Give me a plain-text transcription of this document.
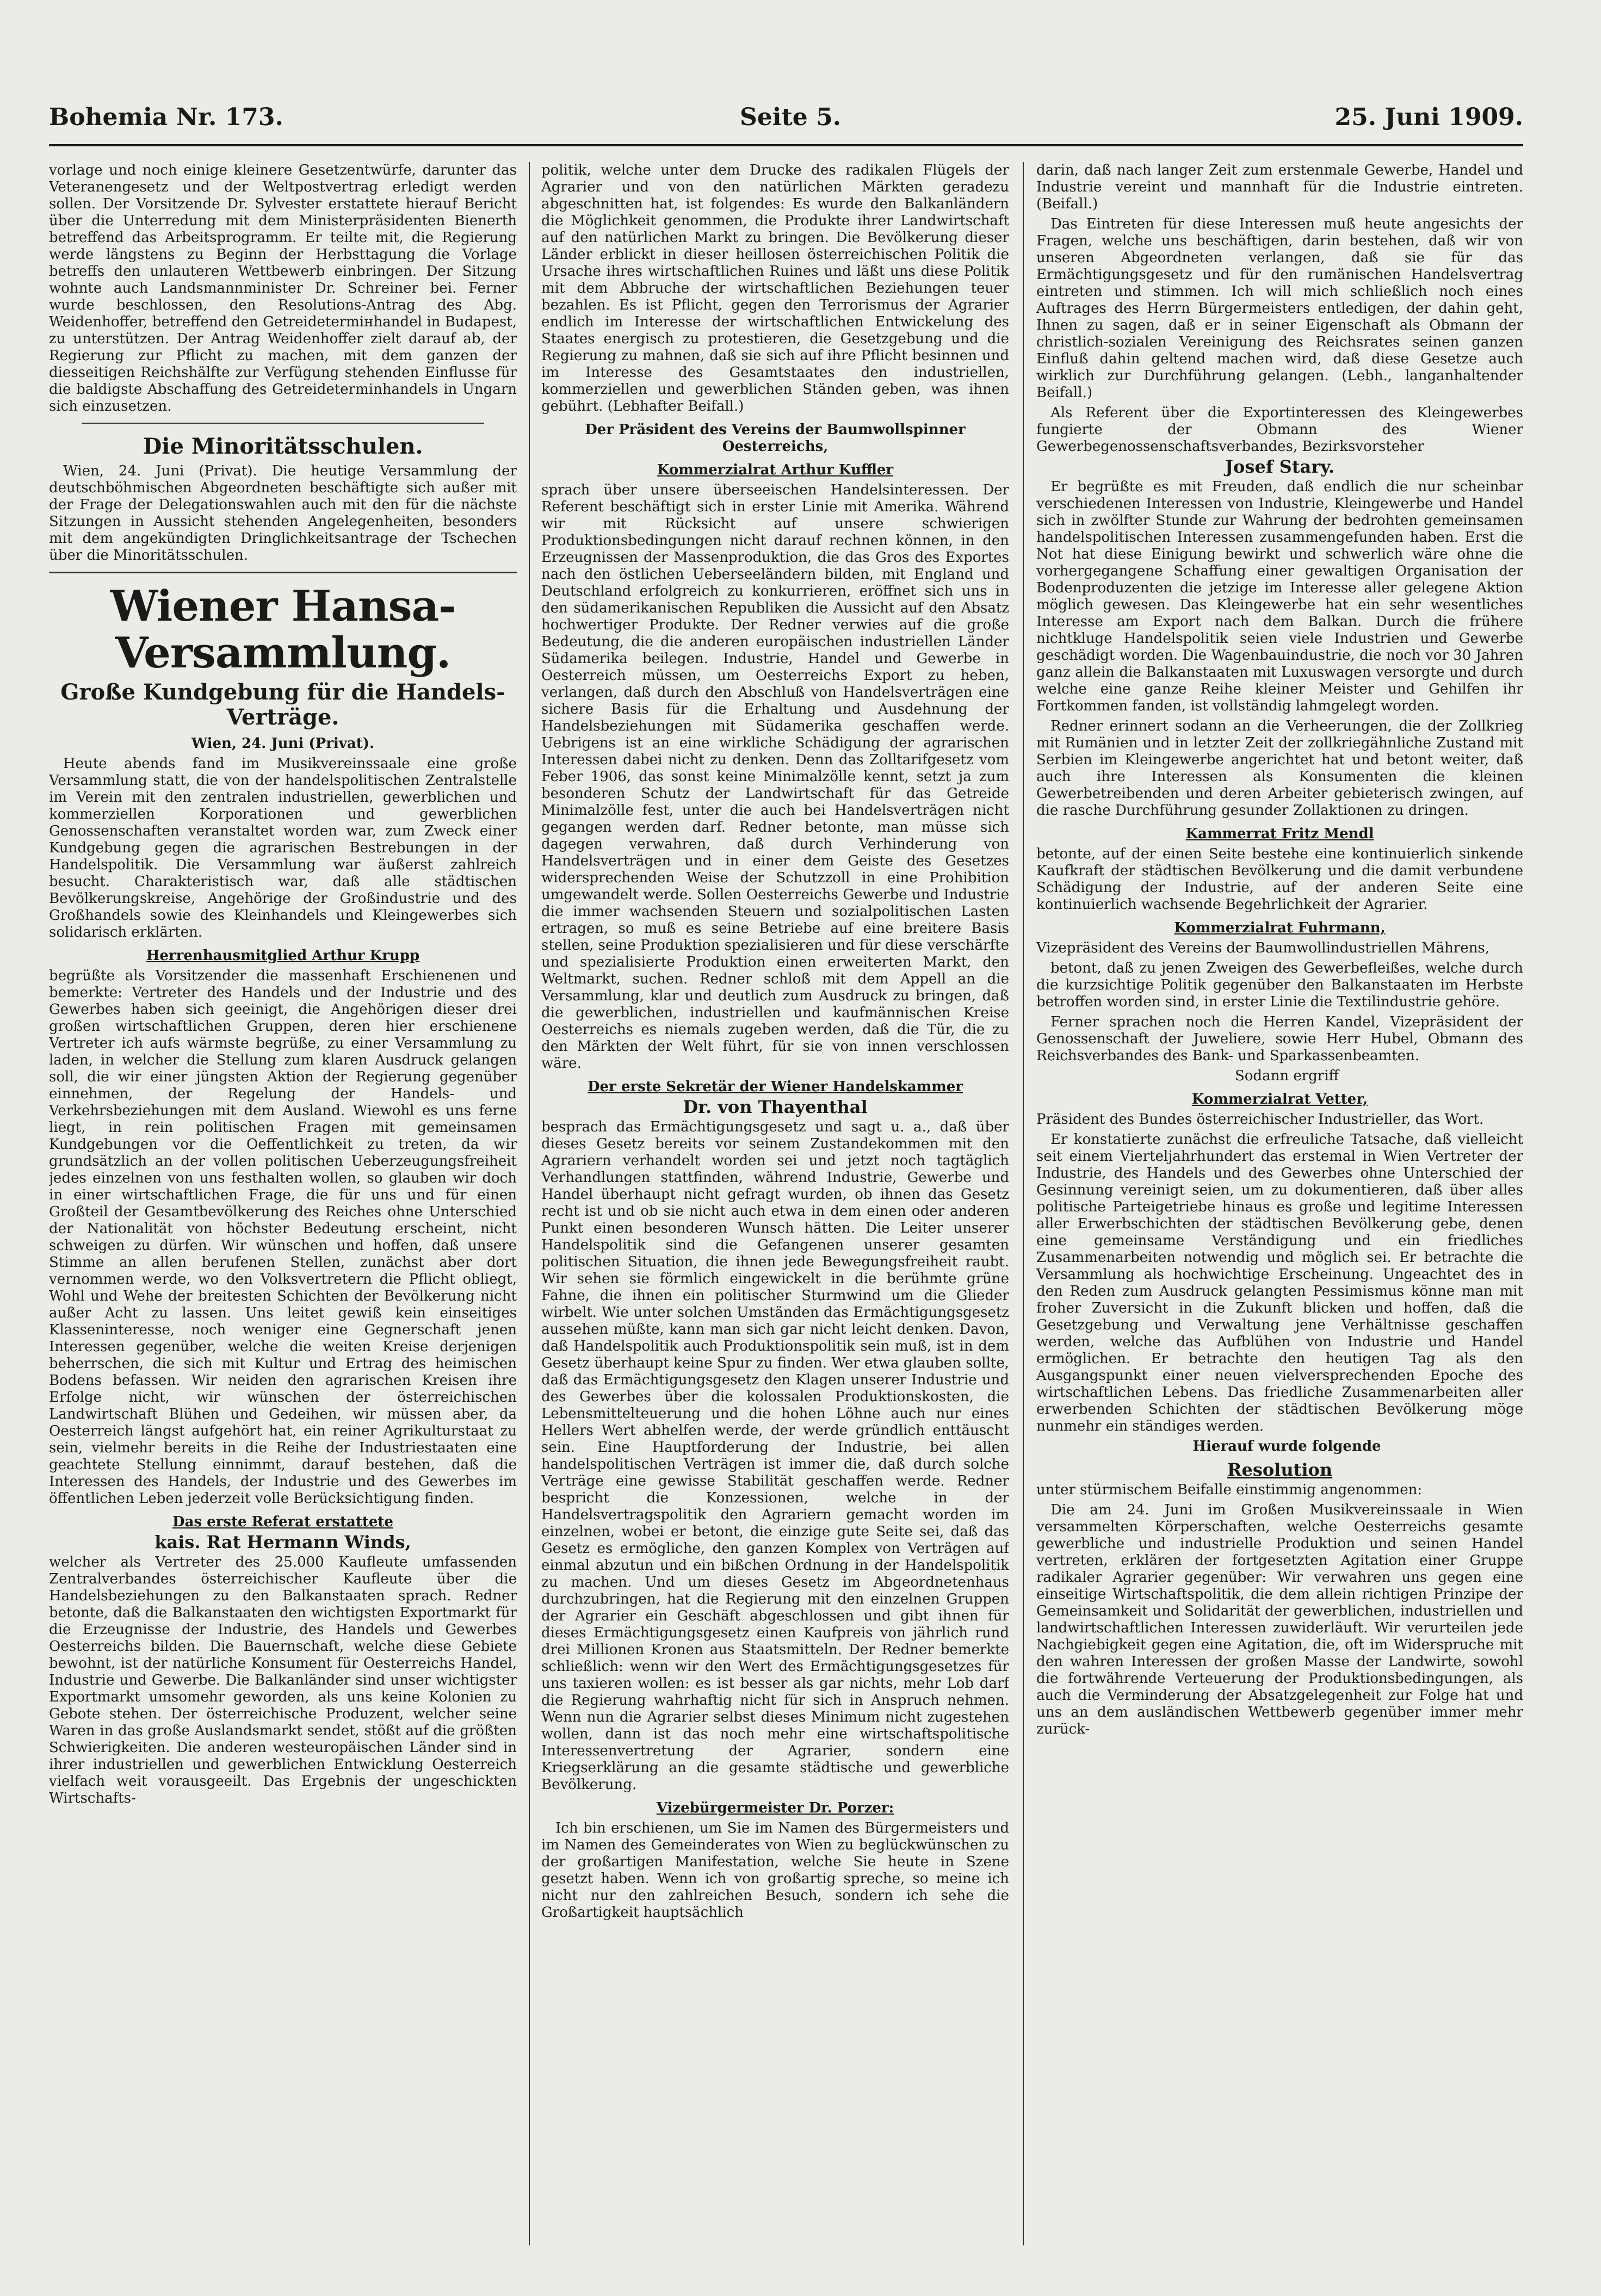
Bohemia Nr. 173.	Seite 5.	25. Juni 1909.

vorlage und noch einige kleinere Gesetzentwürfe, darunter das Veteranengesetz und der Weltpostvertrag erledigt werden sollen. Der Vorsitzende Dr. Sylvester erstattete hierauf Bericht über die Unterredung mit dem Ministerpräsidenten Bienerth betreffend das Arbeitsprogramm. Er teilte mit, die Regierung werde längstens zu Beginn der Herbsttagung die Vorlage betreffs den unlauteren Wettbewerb einbringen. Der Sitzung wohnte auch Landsmannminister Dr. Schreiner bei. Ferner wurde beschlossen, den Resolutions-Antrag des Abg. Weidenhoffer, betreffend den Getreidetermінhandel in Budapest, zu unterstützen. Der Antrag Weidenhoffer zielt darauf ab, der Regierung zur Pflicht zu machen, mit dem ganzen der diesseitigen Reichshälfte zur Verfügung stehenden Einflusse für die baldigste Abschaffung des Getreideterminhandels in Ungarn sich einzusetzen.

Die Minoritätsschulen.

Wien, 24. Juni (Privat). Die heutige Versammlung der deutschböhmischen Abgeordneten beschäftigte sich außer mit der Frage der Delegationswahlen auch mit den für die nächste Sitzungen in Aussicht stehenden Angelegenheiten, besonders mit dem angekündigten Dringlichkeitsantrage der Tschechen über die Minoritätsschulen.

Wiener Hansa-Versammlung.
Große Kundgebung für die Handels-Verträge.
Wien, 24. Juni (Privat).

Heute abends fand im Musikvereinssaale eine große Versammlung statt, die von der handelspolitischen Zentralstelle im Verein mit den zentralen industriellen, gewerblichen und kommerziellen Korporationen und gewerblichen Genossenschaften veranstaltet worden war, zum Zweck einer Kundgebung gegen die agrarischen Bestrebungen in der Handelspolitik. Die Versammlung war äußerst zahlreich besucht. Charakteristisch war, daß alle städtischen Bevölkerungskreise, Angehörige der Großindustrie und des Großhandels sowie des Kleinhandels und Kleingewerbes sich solidarisch erklärten.

Herrenhausmitglied Arthur Krupp

begrüßte als Vorsitzender die massenhaft Erschienenen und bemerkte: Vertreter des Handels und der Industrie und des Gewerbes haben sich geeinigt, die Angehörigen dieser drei großen wirtschaftlichen Gruppen, deren hier erschienene Vertreter ich aufs wärmste begrüße, zu einer Versammlung zu laden, in welcher die Stellung zum klaren Ausdruck gelangen soll, die wir einer jüngsten Aktion der Regierung gegenüber einnehmen, der Regelung der Handels- und Verkehrsbeziehungen mit dem Ausland. Wiewohl es uns ferne liegt, in rein politischen Fragen mit gemeinsamen Kundgebungen vor die Oeffentlichkeit zu treten, da wir grundsätzlich an der vollen politischen Ueberzeugungsfreiheit jedes einzelnen von uns festhalten wollen, so glauben wir doch in einer wirtschaftlichen Frage, die für uns und für einen Großteil der Gesamtbevölkerung des Reiches ohne Unterschied der Nationalität von höchster Bedeutung erscheint, nicht schweigen zu dürfen. Wir wünschen und hoffen, daß unsere Stimme an allen berufenen Stellen, zunächst aber dort vernommen werde, wo den Volksvertretern die Pflicht obliegt, Wohl und Wehe der breitesten Schichten der Bevölkerung nicht außer Acht zu lassen. Uns leitet gewiß kein einseitiges Klasseninteresse, noch weniger eine Gegnerschaft jenen Interessen gegenüber, welche die weiten Kreise derjenigen beherrschen, die sich mit Kultur und Ertrag des heimischen Bodens befassen. Wir neiden den agrarischen Kreisen ihre Erfolge nicht, wir wünschen der österreichischen Landwirtschaft Blühen und Gedeihen, wir müssen aber, da Oesterreich längst aufgehört hat, ein reiner Agrikulturstaat zu sein, vielmehr bereits in die Reihe der Industriestaaten eine geachtete Stellung einnimmt, darauf bestehen, daß die Interessen des Handels, der Industrie und des Gewerbes im öffentlichen Leben jederzeit volle Berücksichtigung finden.

Das erste Referat erstattete
kais. Rat Hermann Winds,

welcher als Vertreter des 25.000 Kaufleute umfassenden Zentralverbandes österreichischer Kaufleute über die Handelsbeziehungen zu den Balkanstaaten sprach. Redner betonte, daß die Balkanstaaten den wichtigsten Exportmarkt für die Erzeugnisse der Industrie, des Handels und Gewerbes Oesterreichs bilden. Die Bauernschaft, welche diese Gebiete bewohnt, ist der natürliche Konsument für Oesterreichs Handel, Industrie und Gewerbe. Die Balkanländer sind unser wichtigster Exportmarkt umsomehr geworden, als uns keine Kolonien zu Gebote stehen. Der österreichische Produzent, welcher seine Waren in das große Auslandsmarkt sendet, stößt auf die größten Schwierigkeiten. Die anderen westeuropäischen Länder sind in ihrer industriellen und gewerblichen Entwicklung Oesterreich vielfach weit vorausgeeilt. Das Ergebnis der ungeschickten Wirtschafts-

politik, welche unter dem Drucke des radikalen Flügels der Agrarier und von den natürlichen Märkten geradezu abgeschnitten hat, ist folgendes: Es wurde den Balkanländern die Möglichkeit genommen, die Produkte ihrer Landwirtschaft auf den natürlichen Markt zu bringen. Die Bevölkerung dieser Länder erblickt in dieser heillosen österreichischen Politik die Ursache ihres wirtschaftlichen Ruines und läßt uns diese Politik mit dem Abbruche der wirtschaftlichen Beziehungen teuer bezahlen. Es ist Pflicht, gegen den Terrorismus der Agrarier endlich im Interesse der wirtschaftlichen Entwickelung des Staates energisch zu protestieren, die Gesetzgebung und die Regierung zu mahnen, daß sie sich auf ihre Pflicht besinnen und im Interesse des Gesamtstaates den industriellen, kommerziellen und gewerblichen Ständen geben, was ihnen gebührt. (Lebhafter Beifall.)

Der Präsident des Vereins der Baumwollspinner Oesterreichs,
Kommerzialrat Arthur Kuffler

sprach über unsere überseeischen Handelsinteressen. Der Referent beschäftigt sich in erster Linie mit Amerika. Während wir mit Rücksicht auf unsere schwierigen Produktionsbedingungen nicht darauf rechnen können, in den Erzeugnissen der Massenproduktion, die das Gros des Exportes nach den östlichen Ueberseeländern bilden, mit England und Deutschland erfolgreich zu konkurrieren, eröffnet sich uns in den südamerikanischen Republiken die Aussicht auf den Absatz hochwertiger Produkte. Der Redner verwies auf die große Bedeutung, die die anderen europäischen industriellen Länder Südamerika beilegen. Industrie, Handel und Gewerbe in Oesterreich müssen, um Oesterreichs Export zu heben, verlangen, daß durch den Abschluß von Handelsverträgen eine sichere Basis für die Erhaltung und Ausdehnung der Handelsbeziehungen mit Südamerika geschaffen werde. Uebrigens ist an eine wirkliche Schädigung der agrarischen Interessen dabei nicht zu denken. Denn das Zolltarifgesetz vom Feber 1906, das sonst keine Minimalzölle kennt, setzt ja zum besonderen Schutz der Landwirtschaft für das Getreide Minimalzölle fest, unter die auch bei Handelsverträgen nicht gegangen werden darf. Redner betonte, man müsse sich dagegen verwahren, daß durch Verhinderung von Handelsverträgen und in einer dem Geiste des Gesetzes widersprechenden Weise der Schutzzoll in eine Prohibition umgewandelt werde. Sollen Oesterreichs Gewerbe und Industrie die immer wachsenden Steuern und sozialpolitischen Lasten ertragen, so muß es seine Betriebe auf eine breitere Basis stellen, seine Produktion spezialisieren und für diese verschärfte und spezialisierte Produktion einen erweiterten Markt, den Weltmarkt, suchen. Redner schloß mit dem Appell an die Versammlung, klar und deutlich zum Ausdruck zu bringen, daß die gewerblichen, industriellen und kaufmännischen Kreise Oesterreichs es niemals zugeben werden, daß die Tür, die zu den Märkten der Welt führt, für sie von innen verschlossen wäre.

Der erste Sekretär der Wiener Handelskammer
Dr. von Thayenthal

besprach das Ermächtigungsgesetz und sagt u. a., daß über dieses Gesetz bereits vor seinem Zustandekommen mit den Agrariern verhandelt worden sei und jetzt noch tagtäglich Verhandlungen stattfinden, während Industrie, Gewerbe und Handel überhaupt nicht gefragt wurden, ob ihnen das Gesetz recht ist und ob sie nicht auch etwa in dem einen oder anderen Punkt einen besonderen Wunsch hätten. Die Leiter unserer Handelspolitik sind die Gefangenen unserer gesamten politischen Situation, die ihnen jede Bewegungsfreiheit raubt. Wir sehen sie förmlich eingewickelt in die berühmte grüne Fahne, die ihnen ein politischer Sturmwind um die Glieder wirbelt. Wie unter solchen Umständen das Ermächtigungsgesetz aussehen müßte, kann man sich gar nicht leicht denken. Davon, daß Handelspolitik auch Produktionspolitik sein muß, ist in dem Gesetz überhaupt keine Spur zu finden. Wer etwa glauben sollte, daß das Ermächtigungsgesetz den Klagen unserer Industrie und des Gewerbes über die kolossalen Produktionskosten, die Lebensmittelteuerung und die hohen Löhne auch nur eines Hellers Wert abhelfen werde, der werde gründlich enttäuscht sein. Eine Hauptforderung der Industrie, bei allen handelspolitischen Verträgen ist immer die, daß durch solche Verträge eine gewisse Stabilität geschaffen werde. Redner bespricht die Konzessionen, welche in der Handelsvertragspolitik den Agrariern gemacht worden im einzelnen, wobei er betont, die einzige gute Seite sei, daß das Gesetz es ermögliche, den ganzen Komplex von Verträgen auf einmal abzutun und ein bißchen Ordnung in der Handelspolitik zu machen. Und um dieses Gesetz im Abgeordnetenhaus durchzubringen, hat die Regierung mit den einzelnen Gruppen der Agrarier ein Geschäft abgeschlossen und gibt ihnen für dieses Ermächtigungsgesetz einen Kaufpreis von jährlich rund drei Millionen Kronen aus Staatsmitteln. Der Redner bemerkte schließlich: wenn wir den Wert des Ermächtigungsgesetzes für uns taxieren wollen: es ist besser als gar nichts, mehr Lob darf die Regierung wahrhaftig nicht für sich in Anspruch nehmen. Wenn nun die Agrarier selbst dieses Minimum nicht zugestehen wollen, dann ist das noch mehr eine wirtschaftspolitische Interessenvertretung der Agrarier, sondern eine Kriegserklärung an die gesamte städtische und gewerbliche Bevölkerung.

Vizebürgermeister Dr. Porzer:

Ich bin erschienen, um Sie im Namen des Bürgermeisters und im Namen des Gemeinderates von Wien zu beglückwünschen zu der großartigen Manifestation, welche Sie heute in Szene gesetzt haben. Wenn ich von großartig spreche, so meine ich nicht nur den zahlreichen Besuch, sondern ich sehe die Großartigkeit hauptsächlich

darin, daß nach langer Zeit zum erstenmale Gewerbe, Handel und Industrie vereint und mannhaft für die Industrie eintreten. (Beifall.)

Das Eintreten für diese Interessen muß heute angesichts der Fragen, welche uns beschäftigen, darin bestehen, daß wir von unseren Abgeordneten verlangen, daß sie für das Ermächtigungsgesetz und für den rumänischen Handelsvertrag eintreten und stimmen. Ich will mich schließlich noch eines Auftrages des Herrn Bürgermeisters entledigen, der dahin geht, Ihnen zu sagen, daß er in seiner Eigenschaft als Obmann der christlich-sozialen Vereinigung des Reichsrates seinen ganzen Einfluß dahin geltend machen wird, daß diese Gesetze auch wirklich zur Durchführung gelangen. (Lebh., langanhaltender Beifall.)

Als Referent über die Exportinteressen des Kleingewerbes fungierte der Obmann des Wiener Gewerbegenossenschaftsverbandes, Bezirksvorsteher

Josef Stary.

Er begrüßte es mit Freuden, daß endlich die nur scheinbar verschiedenen Interessen von Industrie, Kleingewerbe und Handel sich in zwölfter Stunde zur Wahrung der bedrohten gemeinsamen handelspolitischen Interessen zusammengefunden haben. Erst die Not hat diese Einigung bewirkt und schwerlich wäre ohne die vorhergegangene Schaffung einer gewaltigen Organisation der Bodenproduzenten die jetzige im Interesse aller gelegene Aktion möglich gewesen. Das Kleingewerbe hat ein sehr wesentliches Interesse am Export nach dem Balkan. Durch die frühere nichtkluge Handelspolitik seien viele Industrien und Gewerbe geschädigt worden. Die Wagenbauindustrie, die noch vor 30 Jahren ganz allein die Balkanstaaten mit Luxuswagen versorgte und durch welche eine ganze Reihe kleiner Meister und Gehilfen ihr Fortkommen fanden, ist vollständig lahmgelegt worden.

Redner erinnert sodann an die Verheerungen, die der Zollkrieg mit Rumänien und in letzter Zeit der zollkriegähnliche Zustand mit Serbien im Kleingewerbe angerichtet hat und betont weiter, daß auch ihre Interessen als Konsumenten die kleinen Gewerbetreibenden und deren Arbeiter gebieterisch zwingen, auf die rasche Durchführung gesunder Zollaktionen zu dringen.

Kammerrat Fritz Mendl

betonte, auf der einen Seite bestehe eine kontinuierlich sinkende Kaufkraft der städtischen Bevölkerung und die damit verbundene Schädigung der Industrie, auf der anderen Seite eine kontinuierlich wachsende Begehrlichkeit der Agrarier.

Kommerzialrat Fuhrmann,

Vizepräsident des Vereins der Baumwollindustriellen Mährens,

betont, daß zu jenen Zweigen des Gewerbefleißes, welche durch die kurzsichtige Politik gegenüber den Balkanstaaten im Herbste betroffen worden sind, in erster Linie die Textilindustrie gehöre.

Ferner sprachen noch die Herren Kandel, Vizepräsident der Genossenschaft der Juweliere, sowie Herr Hubel, Obmann des Reichsverbandes des Bank- und Sparkassenbeamten.

Sodann ergriff

Kommerzialrat Vetter,

Präsident des Bundes österreichischer Industrieller, das Wort.

Er konstatierte zunächst die erfreuliche Tatsache, daß vielleicht seit einem Vierteljahrhundert das erstemal in Wien Vertreter der Industrie, des Handels und des Gewerbes ohne Unterschied der Gesinnung vereinigt seien, um zu dokumentieren, daß über alles politische Parteigetriebe hinaus es große und legitime Interessen aller Erwerbschichten der städtischen Bevölkerung gebe, denen eine gemeinsame Verständigung und ein friedliches Zusammenarbeiten notwendig und möglich sei. Er betrachte die Versammlung als hochwichtige Erscheinung. Ungeachtet des in den Reden zum Ausdruck gelangten Pessimismus könne man mit froher Zuversicht in die Zukunft blicken und hoffen, daß die Gesetzgebung und Verwaltung jene Verhältnisse geschaffen werden, welche das Aufblühen von Industrie und Handel ermöglichen. Er betrachte den heutigen Tag als den Ausgangspunkt einer neuen vielversprechenden Epoche des wirtschaftlichen Lebens. Das friedliche Zusammenarbeiten aller erwerbenden Schichten der städtischen Bevölkerung möge nunmehr ein ständiges werden.

Hierauf wurde folgende

Resolution

unter stürmischem Beifalle einstimmig angenommen:

Die am 24. Juni im Großen Musikvereinssaale in Wien versammelten Körperschaften, welche Oesterreichs gesamte gewerbliche und industrielle Produktion und seinen Handel vertreten, erklären der fortgesetzten Agitation einer Gruppe radikaler Agrarier gegenüber: Wir verwahren uns gegen eine einseitige Wirtschaftspolitik, die dem allein richtigen Prinzipe der Gemeinsamkeit und Solidarität der gewerblichen, industriellen und landwirtschaftlichen Interessen zuwiderläuft. Wir verurteilen jede Nachgiebigkeit gegen eine Agitation, die, oft im Widerspruche mit den wahren Interessen der großen Masse der Landwirte, sowohl die fortwährende Verteuerung der Produktionsbedingungen, als auch die Verminderung der Absatzgelegenheit zur Folge hat und uns an dem ausländischen Wettbewerb gegenüber immer mehr zurück-
